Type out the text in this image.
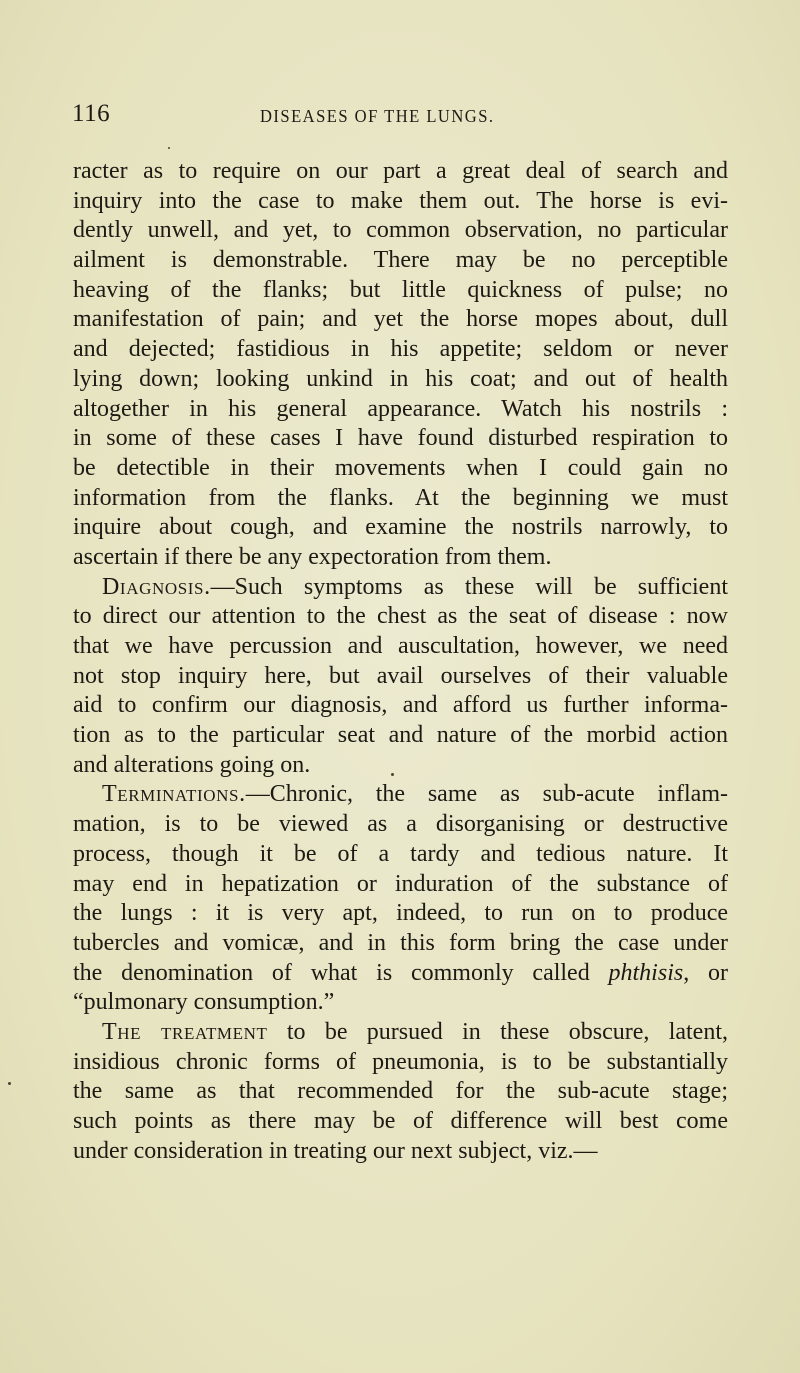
116	DISEASES OF THE LUNGS.
racter as to require on our part a great deal of search and
inquiry into the case to make them out. The horse is evi-
dently unwell, and yet, to common observation, no particular
ailment is demonstrable. There may be no perceptible
heaving of the flanks; but little quickness of pulse; no
manifestation of pain; and yet the horse mopes about, dull
and dejected; fastidious in his appetite; seldom or never
lying down; looking unkind in his coat; and out of health
altogether in his general appearance. Watch his nostrils :
in some of these cases I have found disturbed respiration to
be detectible in their movements when I could gain no
information from the flanks. At the beginning we must
inquire about cough, and examine the nostrils narrowly, to
ascertain if there be any expectoration from them.
Diagnosis.—Such symptoms as these will be sufficient
to direct our attention to the chest as the seat of disease : now
that we have percussion and auscultation, however, we need
not stop inquiry here, but avail ourselves of their valuable
aid to confirm our diagnosis, and afford us further informa-
tion as to the particular seat and nature of the morbid action
and alterations going on.
Terminations.—Chronic, the same as sub-acute inflam-
mation, is to be viewed as a disorganising or destructive
process, though it be of a tardy and tedious nature. It
may end in hepatization or induration of the substance of
the lungs : it is very apt, indeed, to run on to produce
tubercles and vomicæ, and in this form bring the case under
the denomination of what is commonly called phthisis, or
“pulmonary consumption.”
The treatment to be pursued in these obscure, latent,
insidious chronic forms of pneumonia, is to be substantially
the same as that recommended for the sub-acute stage;
such points as there may be of difference will best come
under consideration in treating our next subject, viz.—
